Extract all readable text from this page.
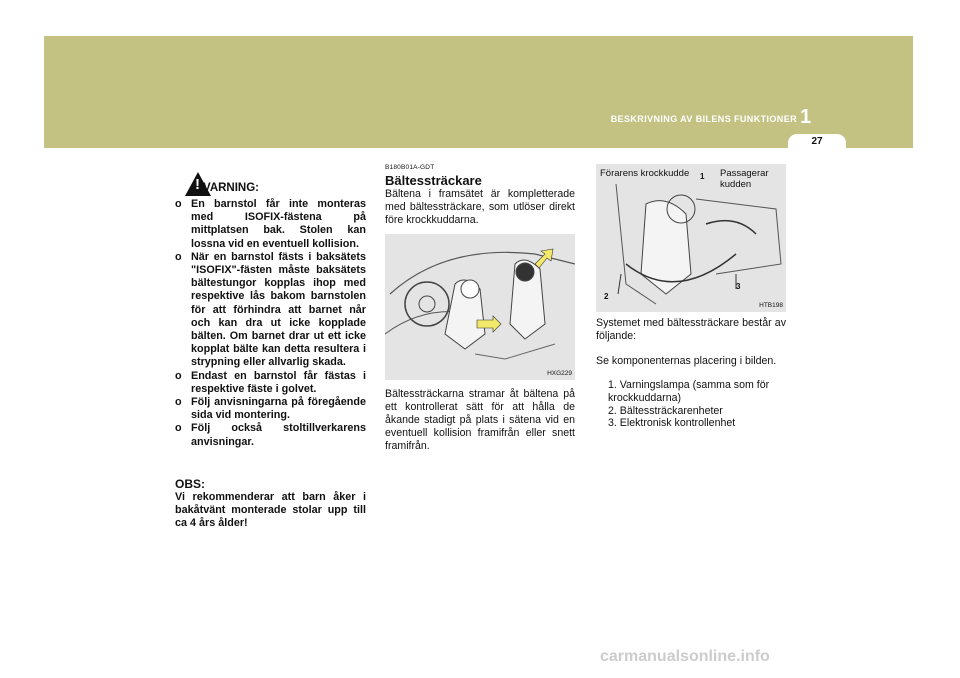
BESKRIVNING AV BILENS FUNKTIONER 1
27
! VARNING:
o En barnstol får inte monteras med ISOFIX-fästena på mittplatsen bak. Stolen kan lossna vid en eventuell kollision.
o När en barnstol fästs i baksätets "ISOFIX"-fästen måste baksätets bältestungor kopplas ihop med respektive lås bakom barnstolen för att förhindra att barnet når och kan dra ut icke kopplade bälten. Om barnet drar ut ett icke kopplat bälte kan detta resultera i strypning eller allvarlig skada.
o Endast en barnstol får fästas i respektive fäste i golvet.
o Följ anvisningarna på föregående sida vid montering.
o Följ också stoltillverkarens anvisningar.
OBS:
Vi rekommenderar att barn åker i bakåtvänt monterade stolar upp till ca 4 års ålder!
B180B01A-GDT
Bältessträckare
Bältena i framsätet är kompletterade med bältessträckare, som utlöser direkt före krockkuddarna.
HXG229
Bältessträckarna stramar åt bältena på ett kontrollerat sätt för att hålla de åkande stadigt på plats i sätena vid en eventuell kollision framifrån eller snett framifrån.
Förarens krockkudde	Passagerar kudden
1
2
3
HTB198
Systemet med bältessträckare består av följande:
Se komponenternas placering i bilden.
1. Varningslampa (samma som för krockkuddarna)
2. Bältessträckarenheter
3. Elektronisk kontrollenhet
carmanualsonline.info
